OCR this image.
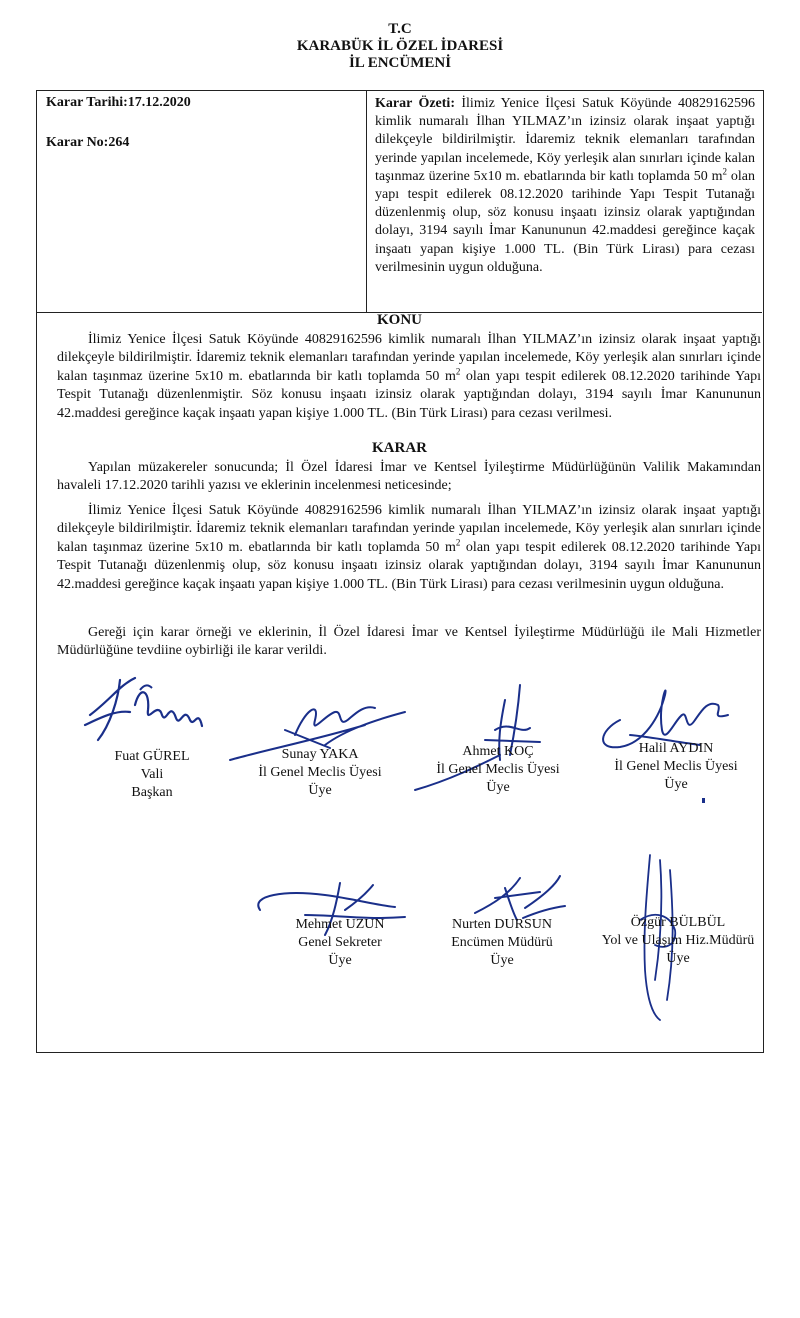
T.C
KARABÜK İL ÖZEL İDARESİ
İL ENCÜMENİ
Karar Tarihi:17.12.2020
Karar No:264
Karar Özeti: İlimiz Yenice İlçesi Satuk Köyünde 40829162596 kimlik numaralı İlhan YILMAZ’ın izinsiz olarak inşaat yaptığı dilekçeyle bildirilmiştir. İdaremiz teknik elemanları tarafından yerinde yapılan incelemede, Köy yerleşik alan sınırları içinde kalan taşınmaz üzerine 5x10 m. ebatlarında bir katlı toplamda 50 $m^2$ olan yapı tespit edilerek 08.12.2020 tarihinde Yapı Tespit Tutanağı düzenlenmiş olup, söz konusu inşaatı izinsiz olarak yaptığından dolayı, 3194 sayılı İmar Kanununun 42.maddesi gereğince kaçak inşaatı yapan kişiye 1.000 TL. (Bin Türk Lirası) para cezası verilmesinin uygun olduğuna.
KONU
İlimiz Yenice İlçesi Satuk Köyünde 40829162596 kimlik numaralı İlhan YILMAZ’ın izinsiz olarak inşaat yaptığı dilekçeyle bildirilmiştir. İdaremiz teknik elemanları tarafından yerinde yapılan incelemede, Köy yerleşik alan sınırları içinde kalan taşınmaz üzerine 5x10 m. ebatlarında bir katlı toplamda 50 $m^2$ olan yapı tespit edilerek 08.12.2020 tarihinde Yapı Tespit Tutanağı düzenlenmiştir. Söz konusu inşaatı izinsiz olarak yaptığından dolayı, 3194 sayılı İmar Kanununun 42.maddesi gereğince kaçak inşaatı yapan kişiye 1.000 TL. (Bin Türk Lirası) para cezası verilmesi.
KARAR
Yapılan müzakereler sonucunda; İl Özel İdaresi İmar ve Kentsel İyileştirme Müdürlüğünün Valilik Makamından havaleli 17.12.2020 tarihli yazısı ve eklerinin incelenmesi neticesinde;
İlimiz Yenice İlçesi Satuk Köyünde 40829162596 kimlik numaralı İlhan YILMAZ’ın izinsiz olarak inşaat yaptığı dilekçeyle bildirilmiştir. İdaremiz teknik elemanları tarafından yerinde yapılan incelemede, Köy yerleşik alan sınırları içinde kalan taşınmaz üzerine 5x10 m. ebatlarında bir katlı toplamda 50 $m^2$ olan yapı tespit edilerek 08.12.2020 tarihinde Yapı Tespit Tutanağı düzenlenmiş olup, söz konusu inşaatı izinsiz olarak yaptığından dolayı, 3194 sayılı İmar Kanununun 42.maddesi gereğince kaçak inşaatı yapan kişiye 1.000 TL. (Bin Türk Lirası) para cezası verilmesinin uygun olduğuna.
Gereği için karar örneği ve eklerinin, İl Özel İdaresi İmar ve Kentsel İyileştirme Müdürlüğü ile Mali Hizmetler Müdürlüğüne tevdiine oybirliği ile karar verildi.
Fuat GÜREL
Vali
Başkan
Sunay YAKA
İl Genel Meclis Üyesi
Üye
Ahmet KOÇ
İl Genel Meclis Üyesi
Üye
Halil AYDIN
İl Genel Meclis Üyesi
Üye
Mehmet UZUN
Genel Sekreter
Üye
Nurten DURSUN
Encümen Müdürü
Üye
Özgür BÜLBÜL
Yol ve Ulaşım Hiz.Müdürü
Üye
